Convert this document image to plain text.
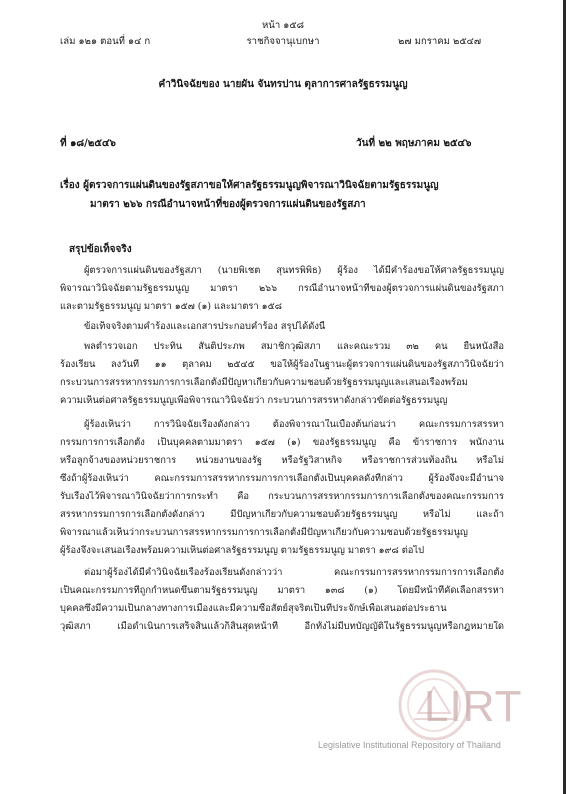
หน้า ๑๕๘
เล่ม ๑๒๑ ตอนที่ ๑๔ ก	ราชกิจจานุเบกษา	๒๗ มกราคม ๒๕๔๗
คำวินิจฉัยของ นายผัน จันทรปาน ตุลาการศาลรัฐธรรมนูญ
ที่ ๑๘/๒๕๔๖	วันที่ ๒๒ พฤษภาคม ๒๕๔๖
เรื่อง ผู้ตรวจการแผ่นดินของรัฐสภาขอให้ศาลรัฐธรรมนูญพิจารณาวินิจฉัยตามรัฐธรรมนูญ
มาตรา ๒๖๖ กรณีอำนาจหน้าที่ของผู้ตรวจการแผ่นดินของรัฐสภา
สรุปข้อเท็จจริง
ผู้ตรวจการแผ่นดินของรัฐสภา (นายพิเชต สุนทรพิพิธ) ผู้ร้อง ได้มีคำร้องขอให้ศาลรัฐธรรมนูญ
พิจารณาวินิจฉัยตามรัฐธรรมนูญ มาตรา ๒๖๖ กรณีอำนาจหน้าที่ของผู้ตรวจการแผ่นดินของรัฐสภา
และตามรัฐธรรมนูญ มาตรา ๑๕๗ (๑) และมาตรา ๑๕๘
ข้อเท็จจริงตามคำร้องและเอกสารประกอบคำร้อง สรุปได้ดังนี้
พลตำรวจเอก ประทิน สันติประภพ สมาชิกวุฒิสภา และคณะรวม ๓๒ คน ยื่นหนังสือ
ร้องเรียน ลงวันที่ ๑๑ ตุลาคม ๒๕๔๕ ขอให้ผู้ร้องในฐานะผู้ตรวจการแผ่นดินของรัฐสภาวินิจฉัยว่า
กระบวนการสรรหากรรมการการเลือกตั้งมีปัญหาเกี่ยวกับความชอบด้วยรัฐธรรมนูญและเสนอเรื่องพร้อม
ความเห็นต่อศาลรัฐธรรมนูญเพื่อพิจารณาวินิจฉัยว่า กระบวนการสรรหาดังกล่าวขัดต่อรัฐธรรมนูญ
ผู้ร้องเห็นว่า การวินิจฉัยเรื่องดังกล่าว ต้องพิจารณาในเบื้องต้นก่อนว่า คณะกรรมการสรรหา
กรรมการการเลือกตั้ง เป็นบุคคลตามมาตรา ๑๕๗ (๑) ของรัฐธรรมนูญ คือ ข้าราชการ พนักงาน
หรือลูกจ้างของหน่วยราชการ หน่วยงานของรัฐ หรือรัฐวิสาหกิจ หรือราชการส่วนท้องถิ่น หรือไม่
ซึ่งถ้าผู้ร้องเห็นว่า คณะกรรมการสรรหากรรมการการเลือกตั้งเป็นบุคคลดังที่กล่าว ผู้ร้องจึงจะมีอำนาจ
รับเรื่องไว้พิจารณาวินิจฉัยว่าการกระทำ คือ กระบวนการสรรหากรรมการการเลือกตั้งของคณะกรรมการ
สรรหากรรมการการเลือกตั้งดังกล่าว มีปัญหาเกี่ยวกับความชอบด้วยรัฐธรรมนูญ หรือไม่ และถ้า
พิจารณาแล้วเห็นว่ากระบวนการสรรหากรรมการการเลือกตั้งมีปัญหาเกี่ยวกับความชอบด้วยรัฐธรรมนูญ
ผู้ร้องจึงจะเสนอเรื่องพร้อมความเห็นต่อศาลรัฐธรรมนูญ ตามรัฐธรรมนูญ มาตรา ๑๙๘ ต่อไป
ต่อมาผู้ร้องได้มีคำวินิจฉัยเรื่องร้องเรียนดังกล่าวว่า คณะกรรมการสรรหากรรมการการเลือกตั้ง
เป็นคณะกรรมการที่ถูกกำหนดขึ้นตามรัฐธรรมนูญ มาตรา ๑๓๘ (๑) โดยมีหน้าที่คัดเลือกสรรหา
บุคคลซึ่งมีความเป็นกลางทางการเมืองและมีความซื่อสัตย์สุจริตเป็นที่ประจักษ์เพื่อเสนอต่อประธาน
วุฒิสภา เมื่อดำเนินการเสร็จสิ้นแล้วก็สิ้นสุดหน้าที่ อีกทั้งไม่มีบทบัญญัติในรัฐธรรมนูญหรือกฎหมายใด
LIRT
Legislative Institutional Repository of Thailand
